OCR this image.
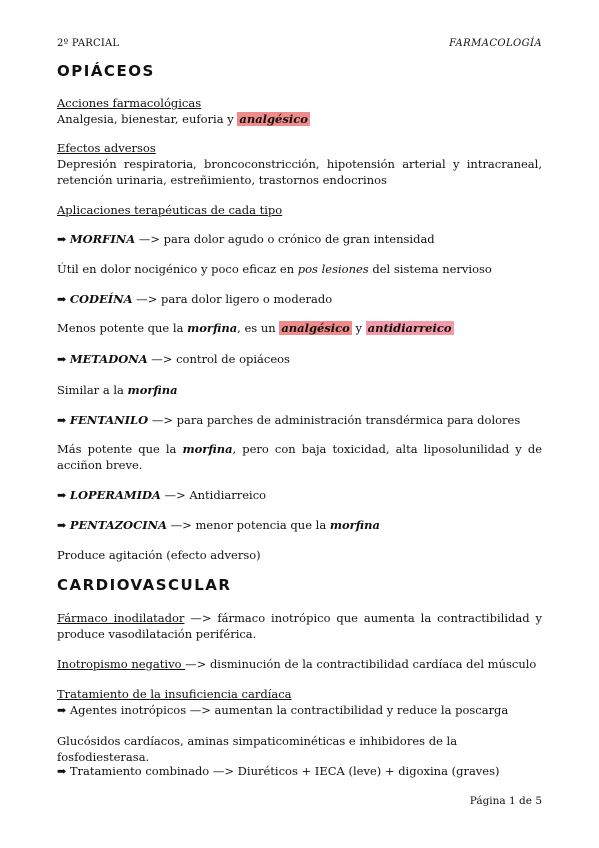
2º PARCIAL	FARMACOLOGÍA
OPIÁCEOS
Acciones farmacológicas
Analgesia, bienestar, euforia y analgésico
Efectos adversos
Depresión respiratoria, broncoconstricción, hipotensión arterial y intracraneal, retención urinaria, estreñimiento, trastornos endocrinos
Aplicaciones terapéuticas de cada tipo
➡ MORFINA —> para dolor agudo o crónico de gran intensidad
Útil en dolor nocigénico y poco eficaz en pos lesiones del sistema nervioso
➡ CODEÍNA —> para dolor ligero o moderado
Menos potente que la morfina, es un analgésico y antidiarreico
➡ METADONA —> control de opiáceos
Similar a la morfina
➡ FENTANILO —> para parches de administración transdérmica para dolores
Más potente que la morfina, pero con baja toxicidad, alta liposolunilidad y de acciñon breve.
➡ LOPERAMIDA —> Antidiarreico
➡ PENTAZOCINA —> menor potencia que la morfina
Produce agitación (efecto adverso)
CARDIOVASCULAR
Fármaco inodilatador —> fármaco inotrópico que aumenta la contractibilidad y produce vasodilatación periférica.
Inotropismo negativo —> disminución de la contractibilidad cardíaca del músculo
Tratamiento de la insuficiencia cardíaca
➡ Agentes inotrópicos —> aumentan la contractibilidad y reduce la poscarga
Glucósidos cardíacos, aminas simpaticominéticas e inhibidores de la fosfodiesterasa.
➡ Tratamiento combinado —> Diuréticos + IECA (leve) + digoxina (graves)
Página 1 de 5
